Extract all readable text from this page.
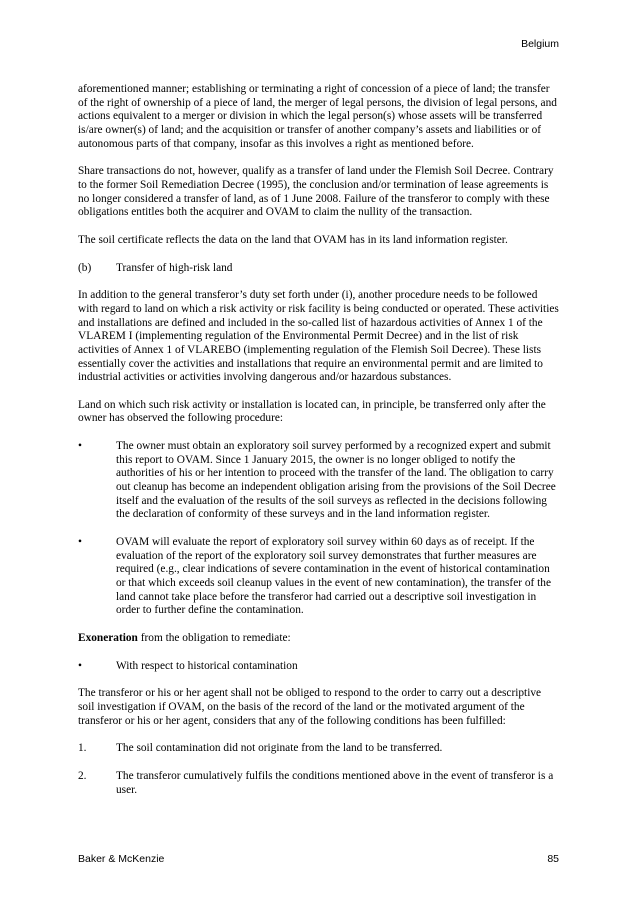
Belgium

aforementioned manner; establishing or terminating a right of concession of a piece of land; the transfer of the right of ownership of a piece of land, the merger of legal persons, the division of legal persons, and actions equivalent to a merger or division in which the legal person(s) whose assets will be transferred is/are owner(s) of land; and the acquisition or transfer of another company’s assets and liabilities or of autonomous parts of that company, insofar as this involves a right as mentioned before.

Share transactions do not, however, qualify as a transfer of land under the Flemish Soil Decree. Contrary to the former Soil Remediation Decree (1995), the conclusion and/or termination of lease agreements is no longer considered a transfer of land, as of 1 June 2008. Failure of the transferor to comply with these obligations entitles both the acquirer and OVAM to claim the nullity of the transaction.

The soil certificate reflects the data on the land that OVAM has in its land information register.

(b)	Transfer of high-risk land

In addition to the general transferor’s duty set forth under (i), another procedure needs to be followed with regard to land on which a risk activity or risk facility is being conducted or operated. These activities and installations are defined and included in the so-called list of hazardous activities of Annex 1 of the VLAREM I (implementing regulation of the Environmental Permit Decree) and in the list of risk activities of Annex 1 of VLAREBO (implementing regulation of the Flemish Soil Decree). These lists essentially cover the activities and installations that require an environmental permit and are limited to industrial activities or activities involving dangerous and/or hazardous substances.

Land on which such risk activity or installation is located can, in principle, be transferred only after the owner has observed the following procedure:

•	The owner must obtain an exploratory soil survey performed by a recognized expert and submit this report to OVAM. Since 1 January 2015, the owner is no longer obliged to notify the authorities of his or her intention to proceed with the transfer of the land. The obligation to carry out cleanup has become an independent obligation arising from the provisions of the Soil Decree itself and the evaluation of the results of the soil surveys as reflected in the decisions following the declaration of conformity of these surveys and in the land information register.
•	OVAM will evaluate the report of exploratory soil survey within 60 days as of receipt. If the evaluation of the report of the exploratory soil survey demonstrates that further measures are required (e.g., clear indications of severe contamination in the event of historical contamination or that which exceeds soil cleanup values in the event of new contamination), the transfer of the land cannot take place before the transferor had carried out a descriptive soil investigation in order to further define the contamination.

Exoneration from the obligation to remediate:

•	With respect to historical contamination

The transferor or his or her agent shall not be obliged to respond to the order to carry out a descriptive soil investigation if OVAM, on the basis of the record of the land or the motivated argument of the transferor or his or her agent, considers that any of the following conditions has been fulfilled:

1.	The soil contamination did not originate from the land to be transferred.
2.	The transferor cumulatively fulfils the conditions mentioned above in the event of transferor is a user.
Baker & McKenzie	85
